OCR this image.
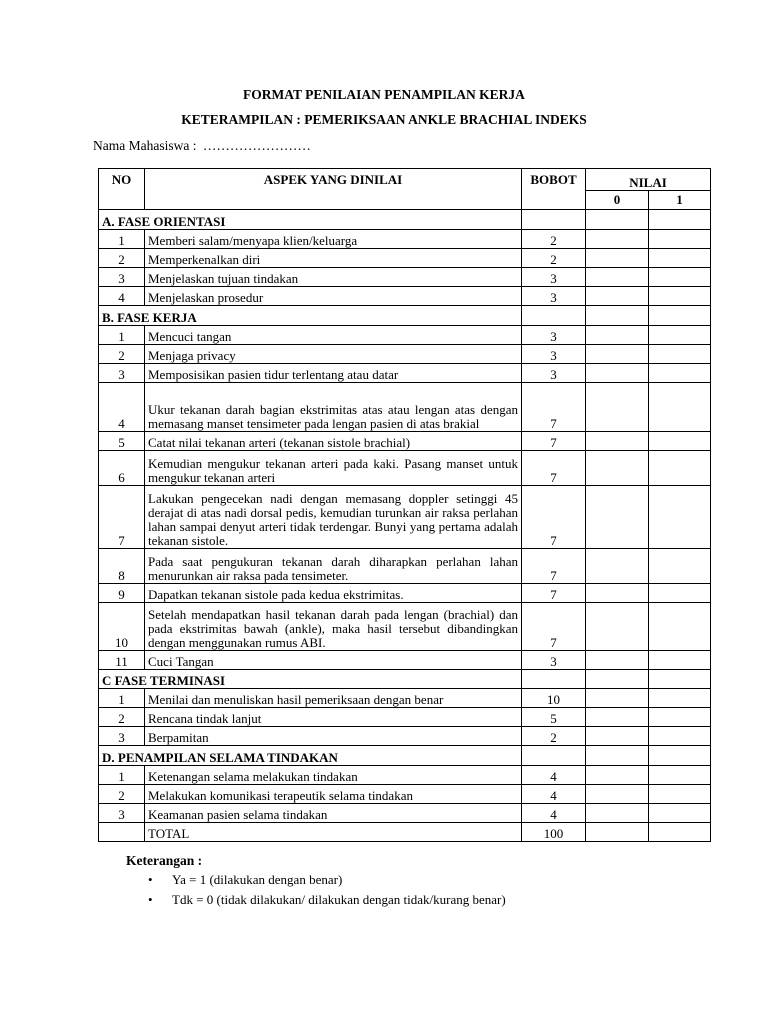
FORMAT PENILAIAN PENAMPILAN KERJA
KETERAMPILAN : PEMERIKSAAN ANKLE BRACHIAL INDEKS
Nama Mahasiswa : ……………………
NO	ASPEK YANG DINILAI	BOBOT	NILAI	
			0	1
A. FASE ORIENTASI				
1	Memberi salam/menyapa klien/keluarga	2		
2	Memperkenalkan diri	2		
3	Menjelaskan tujuan tindakan	3		
4	Menjelaskan prosedur	3		
B. FASE KERJA				
1	Mencuci tangan	3		
2	Menjaga privacy	3		
3	Memposisikan pasien tidur terlentang atau datar	3		
4	Ukur tekanan darah bagian ekstrimitas atas atau lengan atas dengan memasang manset tensimeter pada lengan pasien di atas brakial	7		
5	Catat nilai tekanan arteri (tekanan sistole brachial)	7		
6	Kemudian mengukur tekanan arteri pada kaki. Pasang manset untuk mengukur tekanan arteri	7		
7	Lakukan pengecekan nadi dengan memasang doppler setinggi 45 derajat di atas nadi dorsal pedis, kemudian turunkan air raksa perlahan lahan sampai denyut arteri tidak terdengar. Bunyi yang pertama adalah tekanan sistole.	7		
8	Pada saat pengukuran tekanan darah diharapkan perlahan lahan menurunkan air raksa pada tensimeter.	7		
9	Dapatkan tekanan sistole pada kedua ekstrimitas.	7		
10	Setelah mendapatkan hasil tekanan darah pada lengan (brachial) dan pada ekstrimitas bawah (ankle), maka hasil tersebut dibandingkan dengan menggunakan rumus ABI.	7		
11	Cuci Tangan	3		
C FASE TERMINASI				
1	Menilai dan menuliskan hasil pemeriksaan dengan benar	10		
2	Rencana tindak lanjut	5		
3	Berpamitan	2		
D. PENAMPILAN SELAMA TINDAKAN				
1	Ketenangan selama melakukan tindakan	4		
2	Melakukan komunikasi terapeutik selama tindakan	4		
3	Keamanan pasien selama tindakan	4		
	TOTAL	100		
Keterangan :
• Ya = 1 (dilakukan dengan benar)
• Tdk = 0 (tidak dilakukan/ dilakukan dengan tidak/kurang benar)
